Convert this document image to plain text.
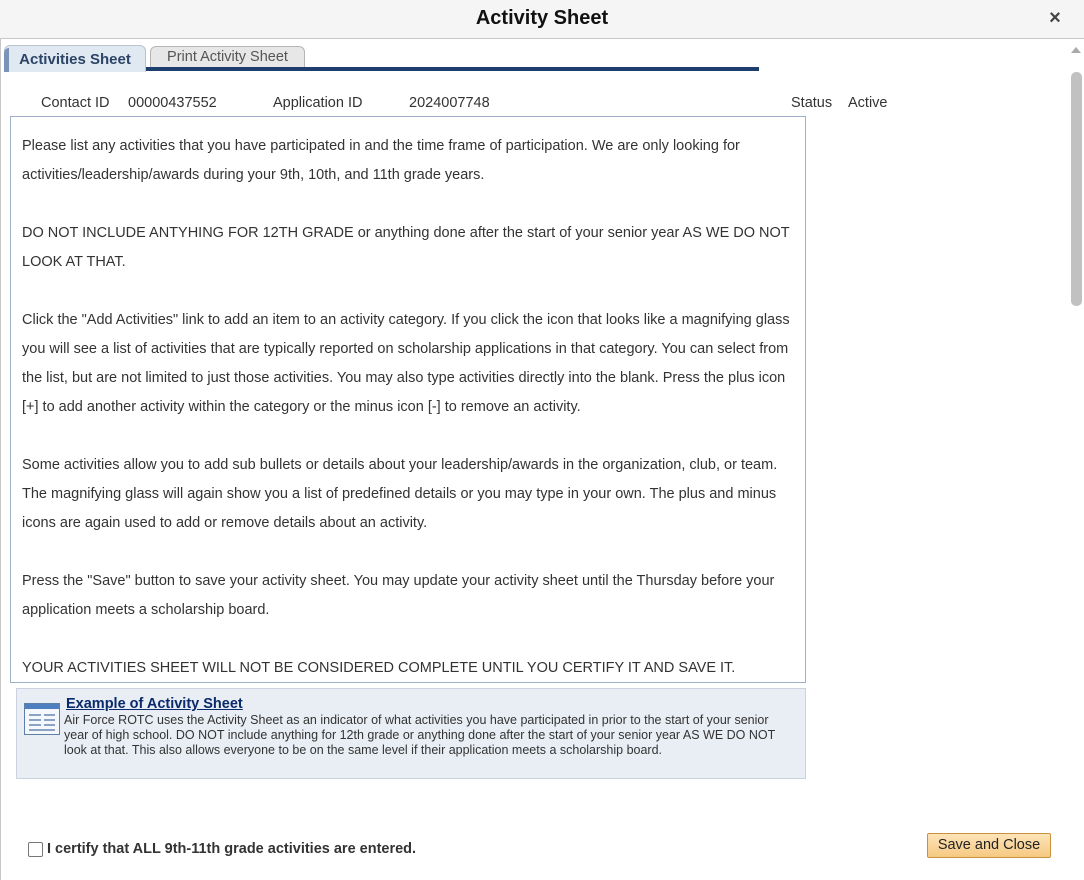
Activity Sheet	×
Activities Sheet	Print Activity Sheet
Contact ID 00000437552	Application ID	2024007748	Status Active

Please list any activities that you have participated in and the time frame of participation. We are only looking for activities/leadership/awards during your 9th, 10th, and 11th grade years.

DO NOT INCLUDE ANTYHING FOR 12TH GRADE or anything done after the start of your senior year AS WE DO NOT LOOK AT THAT.

Click the "Add Activities" link to add an item to an activity category. If you click the icon that looks like a magnifying glass you will see a list of activities that are typically reported on scholarship applications in that category. You can select from the list, but are not limited to just those activities. You may also type activities directly into the blank. Press the plus icon [+] to add another activity within the category or the minus icon [-] to remove an activity.

Some activities allow you to add sub bullets or details about your leadership/awards in the organization, club, or team. The magnifying glass will again show you a list of predefined details or you may type in your own. The plus and minus icons are again used to add or remove details about an activity.

Press the "Save" button to save your activity sheet. You may update your activity sheet until the Thursday before your application meets a scholarship board.

YOUR ACTIVITIES SHEET WILL NOT BE CONSIDERED COMPLETE UNTIL YOU CERTIFY IT AND SAVE IT.

Example of Activity Sheet
Air Force ROTC uses the Activity Sheet as an indicator of what activities you have participated in prior to the start of your senior year of high school. DO NOT include anything for 12th grade or anything done after the start of your senior year AS WE DO NOT look at that. This also allows everyone to be on the same level if their application meets a scholarship board.
I certify that ALL 9th-11th grade activities are entered.	Save and Close
